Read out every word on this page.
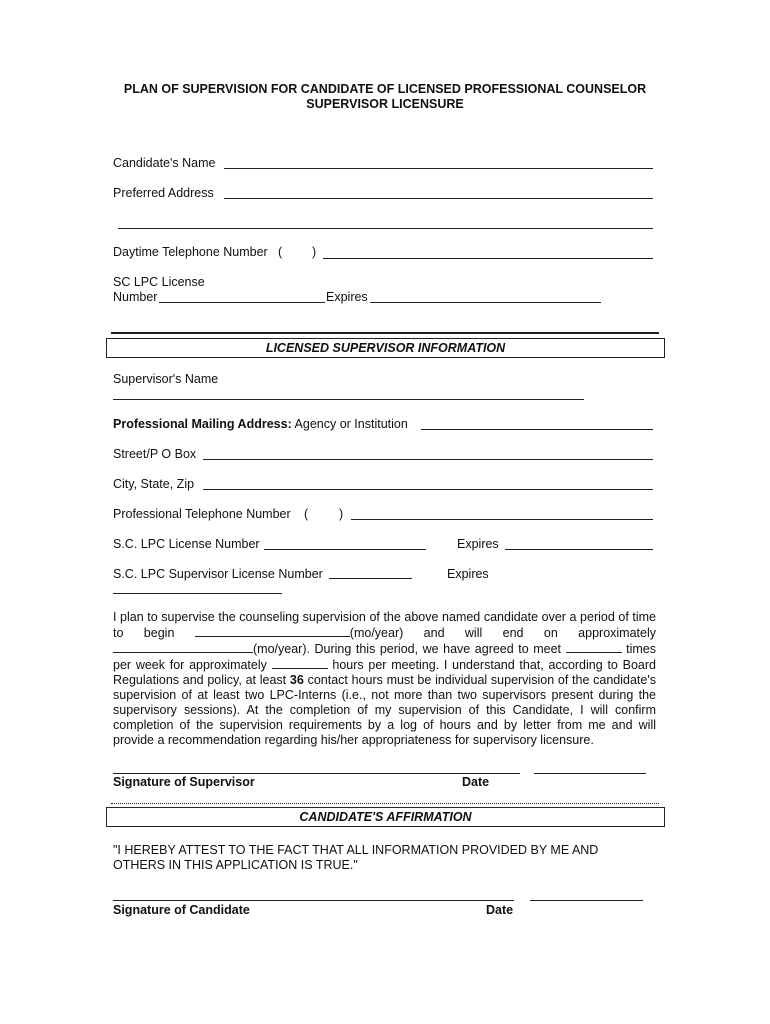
PLAN OF SUPERVISION FOR CANDIDATE OF LICENSED PROFESSIONAL COUNSELOR
SUPERVISOR LICENSURE
Candidate's Name
Preferred Address
Daytime Telephone Number ( )
SC LPC License
Number	Expires
LICENSED SUPERVISOR INFORMATION
Supervisor's Name
Professional Mailing Address: Agency or Institution
Street/P O Box
City, State, Zip
Professional Telephone Number ( )
S.C. LPC License Number	Expires
S.C. LPC Supervisor License Number	Expires

I plan to supervise the counseling supervision of the above named candidate over a period of time to begin	(mo/year) and will end on approximately (mo/year). During this period, we have agreed to meet	times per week for approximately	hours per meeting. I understand that, according to Board Regulations and policy, at least 36 contact hours must be individual supervision of the candidate's supervision of at least two LPC-Interns (i.e., not more than two supervisors present during the supervisory sessions). At the completion of my supervision of this Candidate, I will confirm completion of the supervision requirements by a log of hours and by letter from me and will provide a recommendation regarding his/her appropriateness for supervisory licensure.

Signature of Supervisor	Date
CANDIDATE'S AFFIRMATION
"I HEREBY ATTEST TO THE FACT THAT ALL INFORMATION PROVIDED BY ME AND
OTHERS IN THIS APPLICATION IS TRUE."
Signature of Candidate	Date
